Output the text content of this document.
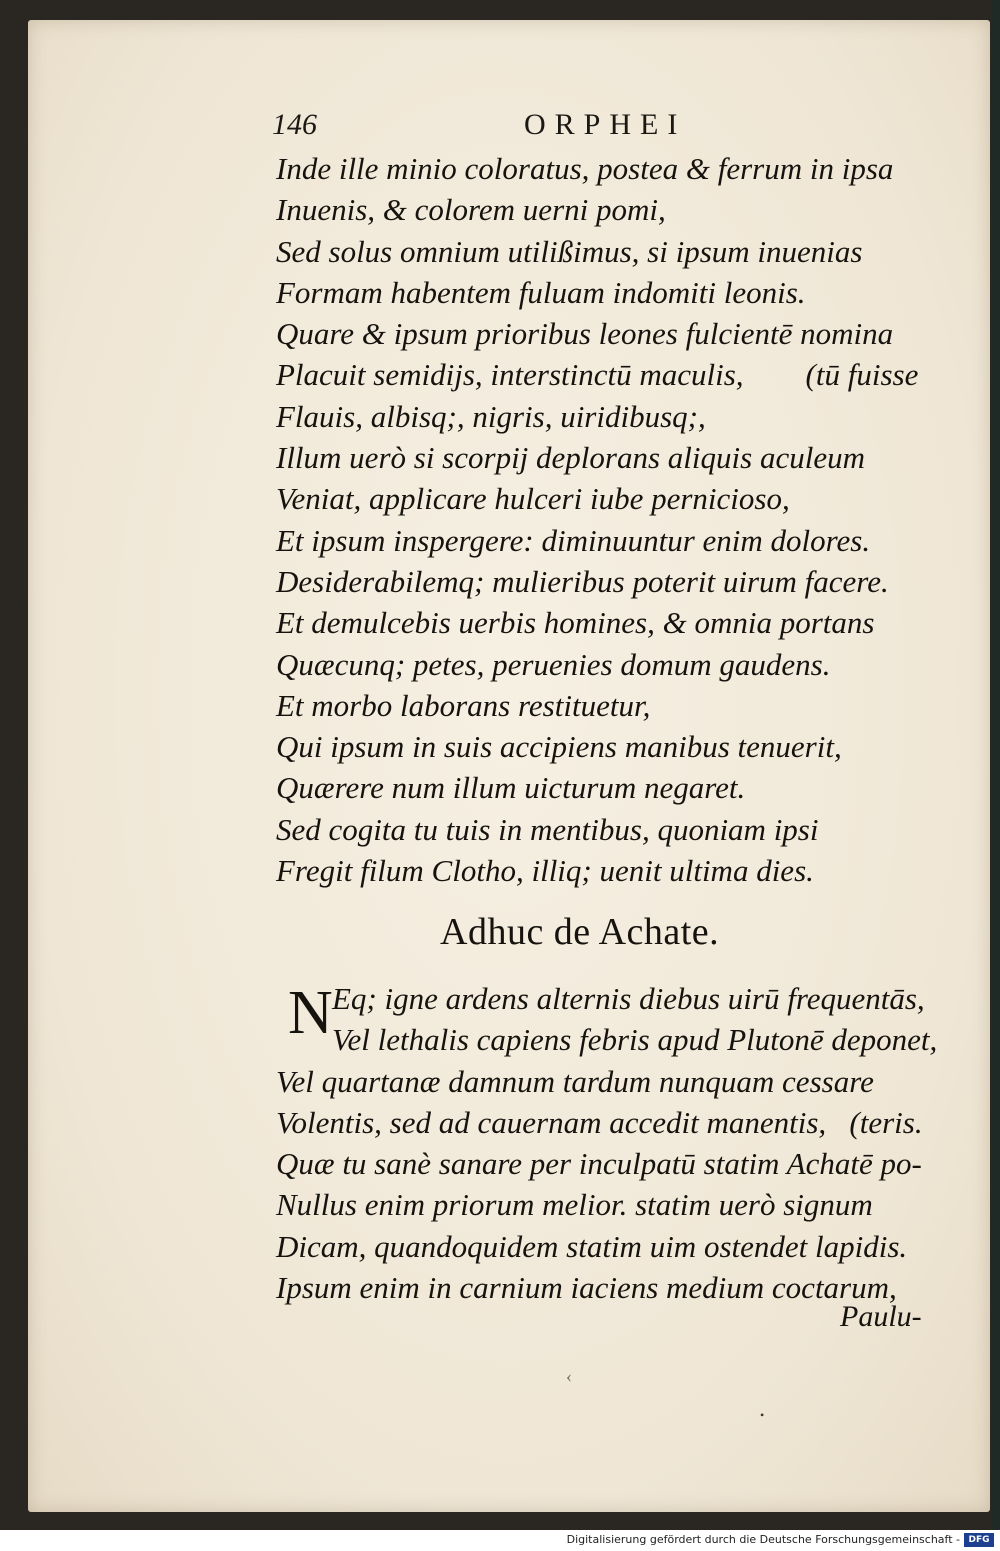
146	ORPHEI
Inde ille minio coloratus, postea & ferrum in ipsa
Inuenis, & colorem uerni pomi,
Sed solus omnium utilißimus, si ipsum inuenias
Formam habentem fuluam indomiti leonis.
Quare & ipsum prioribus leones fulcientē nomina
Placuit semidijs, interstinctū maculis,        (tū fuisse
Flauis, albisq;, nigris, uiridibusq;,
Illum uerò si scorpij deplorans aliquis aculeum
Veniat, applicare hulceri iube pernicioso,
Et ipsum inspergere: diminuuntur enim dolores.
Desiderabilemq; mulieribus poterit uirum facere.
Et demulcebis uerbis homines, & omnia portans
Quæcunq; petes, peruenies domum gaudens.
Et morbo laborans restituetur,
Qui ipsum in suis accipiens manibus tenuerit,
Quærere num illum uicturum negaret.
Sed cogita tu tuis in mentibus, quoniam ipsi
Fregit filum Clotho, illiq; uenit ultima dies.
Adhuc de Achate.
N Eq; igne ardens alternis diebus uirū frequentās,
Vel lethalis capiens febris apud Plutonē deponet,
Vel quartanæ damnum tardum nunquam cessare
Volentis, sed ad cauernam accedit manentis,   (teris.
Quæ tu sanè sanare per inculpatū statim Achatē po-
Nullus enim priorum melior. statim uerò signum
Dicam, quandoquidem statim uim ostendet lapidis.
Ipsum enim in carnium iaciens medium coctarum,
Paulu-
‹
•
Digitalisierung gefördert durch die Deutsche Forschungsgemeinschaft - DFG
